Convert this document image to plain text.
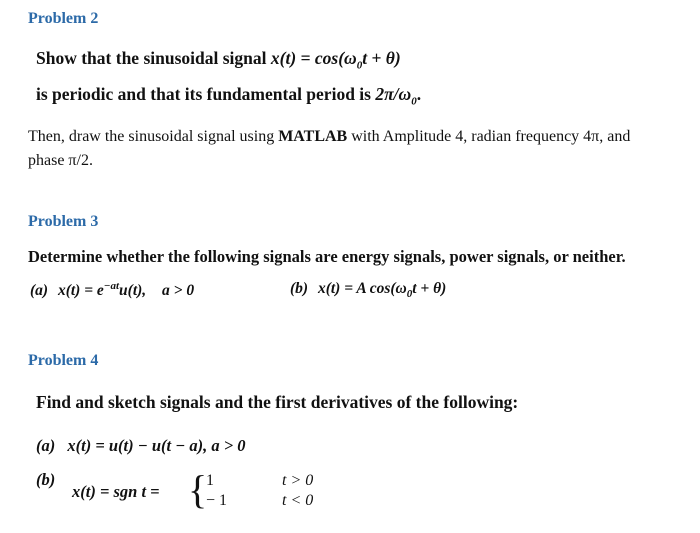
Problem 2
Show that the sinusoidal signal $x(t) = \cos(\omega_0t + \theta)$
is periodic and that its fundamental period is $2\pi/\omega_0$.
Then, draw the sinusoidal signal using MATLAB with Amplitude 4, radian frequency 4π, and
phase π/2.
Problem 3
Determine whether the following signals are energy signals, power signals, or neither.
(a) $x(t) = e^{-at}u(t)$, a > 0	(b) x(t) = A $\cos(\omega_0t + \theta)$
Problem 4
Find and sketch signals and the first derivatives of the following:
(a) x(t) = u(t) − u(t − a), a > 0
(b)
x(t) = sgn t = {
1
− 1
t > 0
t < 0
